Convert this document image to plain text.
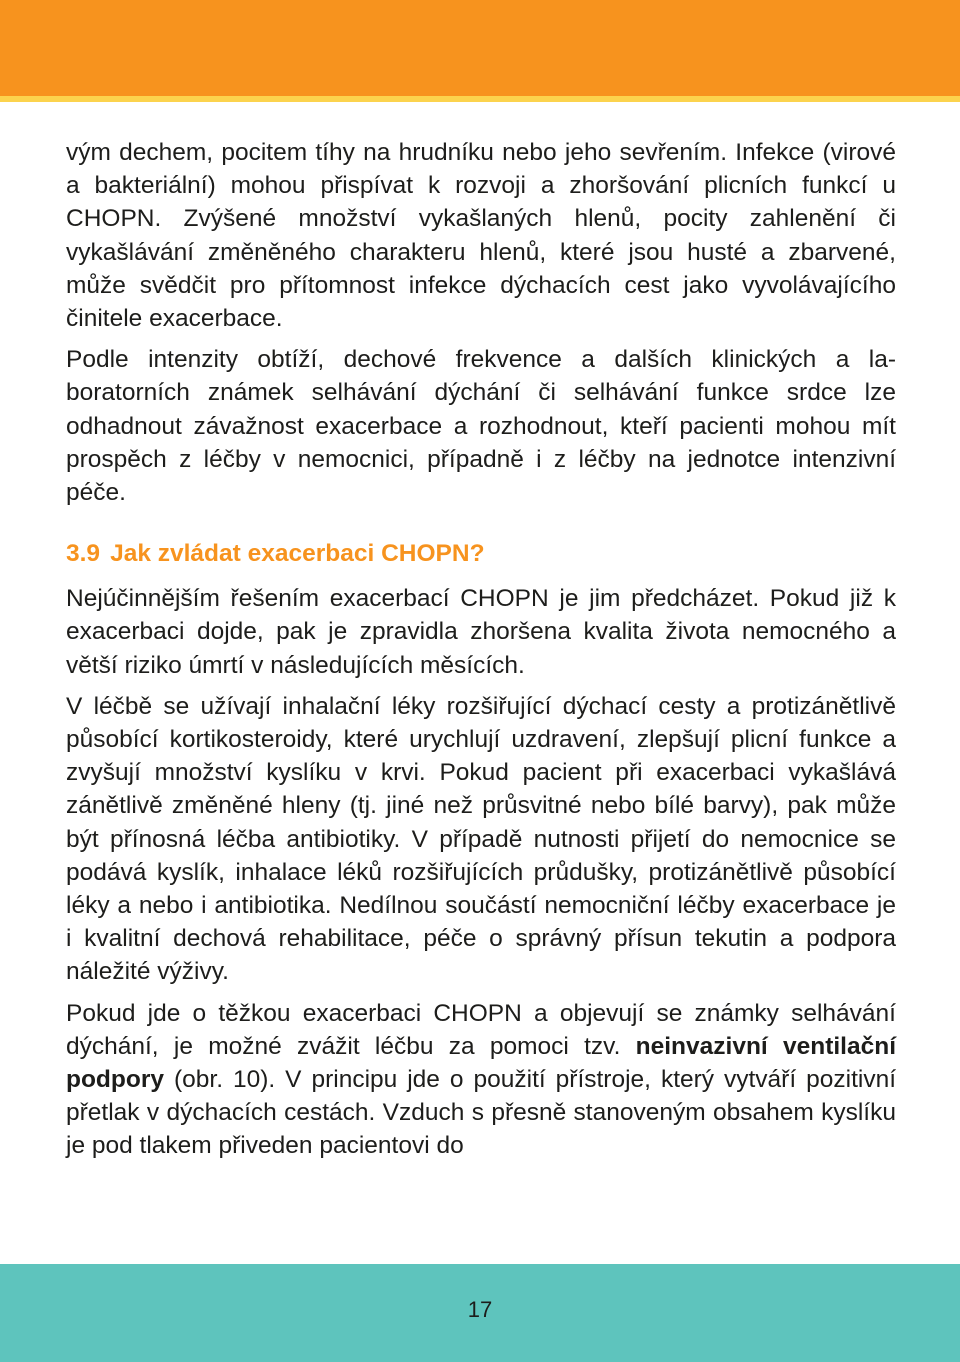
vým dechem, pocitem tíhy na hrudníku nebo jeho sevřením. Infekce (virové a bakteriální) mohou přispívat k rozvoji a zhoršování plicních funkcí u CHOPN. Zvýšené množství vykašlaných hlenů, pocity zahlenění či vykašlávání změněného charakteru hlenů, které jsou husté a zbarvené, může svědčit pro přítomnost infekce dýchacích cest jako vyvolávajícího činitele exacerbace.

Podle intenzity obtíží, dechové frekvence a dalších klinických a laboratorních známek selhávání dýchání či selhávání funkce srdce lze odhadnout závažnost exacerbace a rozhodnout, kteří pacienti mohou mít prospěch z léčby v nemocnici, případně i z léčby na jednotce intenzivní péče.

3.9 Jak zvládat exacerbaci CHOPN?

Nejúčinnějším řešením exacerbací CHOPN je jim předcházet. Pokud již k exacerbaci dojde, pak je zpravidla zhoršena kvalita života nemocného a větší riziko úmrtí v následujících měsících.

V léčbě se užívají inhalační léky rozšiřující dýchací cesty a protizánětlivě působící kortikosteroidy, které urychlují uzdravení, zlepšují plicní funkce a zvyšují množství kyslíku v krvi. Pokud pacient při exacerbaci vykašlává zánětlivě změněné hleny (tj. jiné než průsvitné nebo bílé barvy), pak může být přínosná léčba antibiotiky. V případě nutnosti přijetí do nemocnice se podává kyslík, inhalace léků rozšiřujících průdušky, protizánětlivě působící léky a nebo i antibiotika. Nedílnou součástí nemocniční léčby exacerbace je i kvalitní dechová rehabilitace, péče o správný přísun tekutin a podpora náležité výživy.

Pokud jde o těžkou exacerbaci CHOPN a objevují se známky selhávání dýchání, je možné zvážit léčbu za pomoci tzv. neinvazivní ventilační podpory (obr. 10). V principu jde o použití přístroje, který vytváří pozitivní přetlak v dýchacích cestách. Vzduch s přesně stanoveným obsahem kyslíku je pod tlakem přiveden pacientovi do

17
